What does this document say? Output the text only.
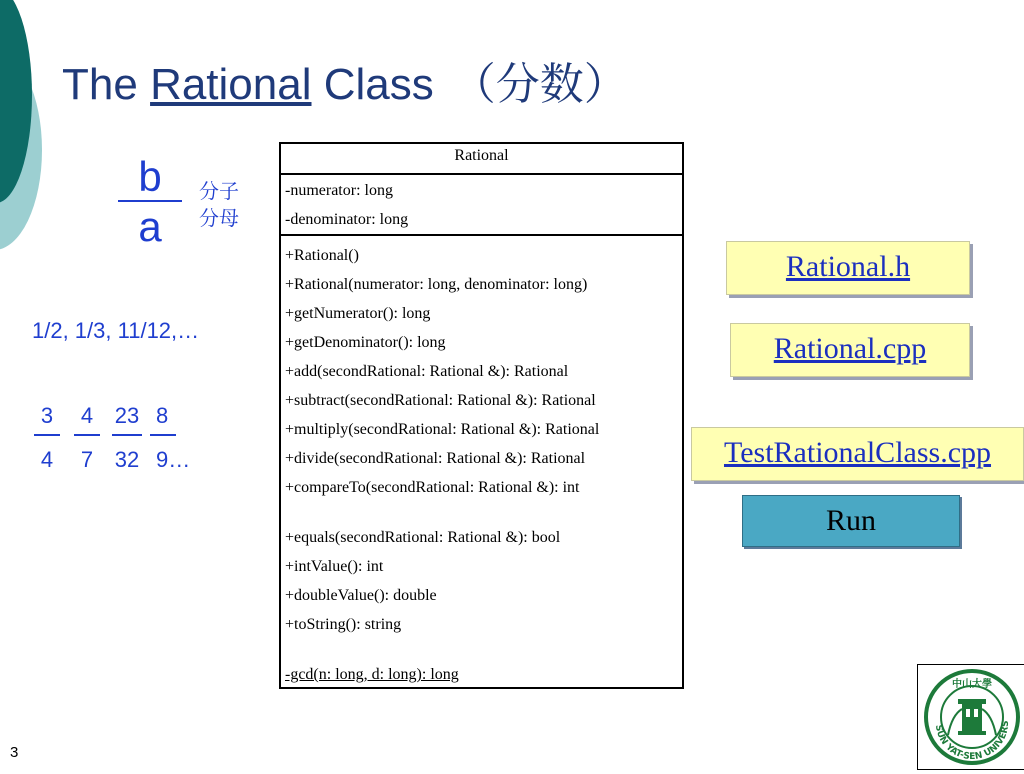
The Rational Class （分数）
b
a
分子
分母
1/2, 1/3, 11/12,…
3
4
4
7
23
32
8
9…
Rational
-numerator: long
-denominator: long
+Rational()
+Rational(numerator: long, denominator: long)
+getNumerator(): long
+getDenominator(): long
+add(secondRational: Rational &): Rational
+subtract(secondRational: Rational &): Rational
+multiply(secondRational: Rational &): Rational
+divide(secondRational: Rational &): Rational
+compareTo(secondRational: Rational &): int
+equals(secondRational: Rational &): bool
+intValue(): int
+doubleValue(): double
+toString(): string
-gcd(n: long, d: long): long
Rational.h
Rational.cpp
TestRationalClass.cpp
Run
SUN YAT-SEN UNIVERS
中山大學
3
